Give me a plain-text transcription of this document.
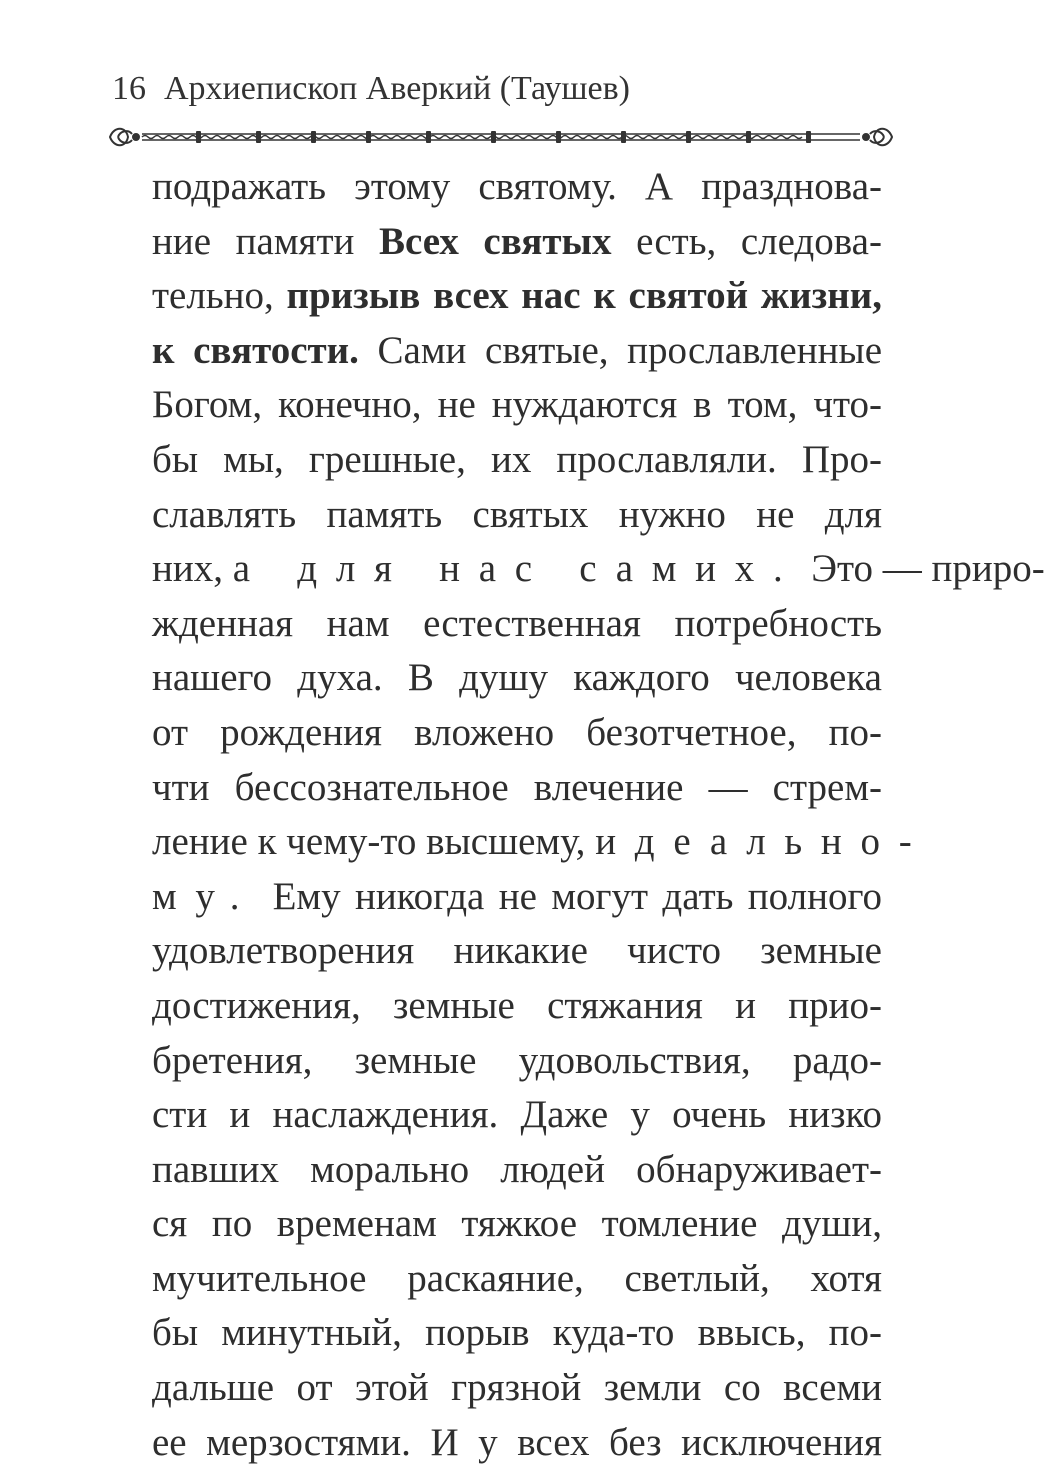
16 Архиепископ Аверкий (Таушев)
подражать этому святому. А празднова-
ние памяти Всех святых есть, следова-
тельно, призыв всех нас к святой жизни,
к святости. Сами святые, прославленные
Богом, конечно, не нуждаются в том, что-
бы мы, грешные, их прославляли. Про-
славлять память святых нужно не для
них, а для нас самих. Это — приро-
жденная нам естественная потребность
нашего духа. В душу каждого человека
от рождения вложено безотчетное, по-
чти бессознательное влечение — стрем-
ление к чему-то высшему, идеально-
му. Ему никогда не могут дать полного
удовлетворения никакие чисто земные
достижения, земные стяжания и прио-
бретения, земные удовольствия, радо-
сти и наслаждения. Даже у очень низко
павших морально людей обнаруживает-
ся по временам тяжкое томление души,
мучительное раскаяние, светлый, хотя
бы минутный, порыв куда-то ввысь, по-
дальше от этой грязной земли со всеми
ее мерзостями. И у всех без исключения
